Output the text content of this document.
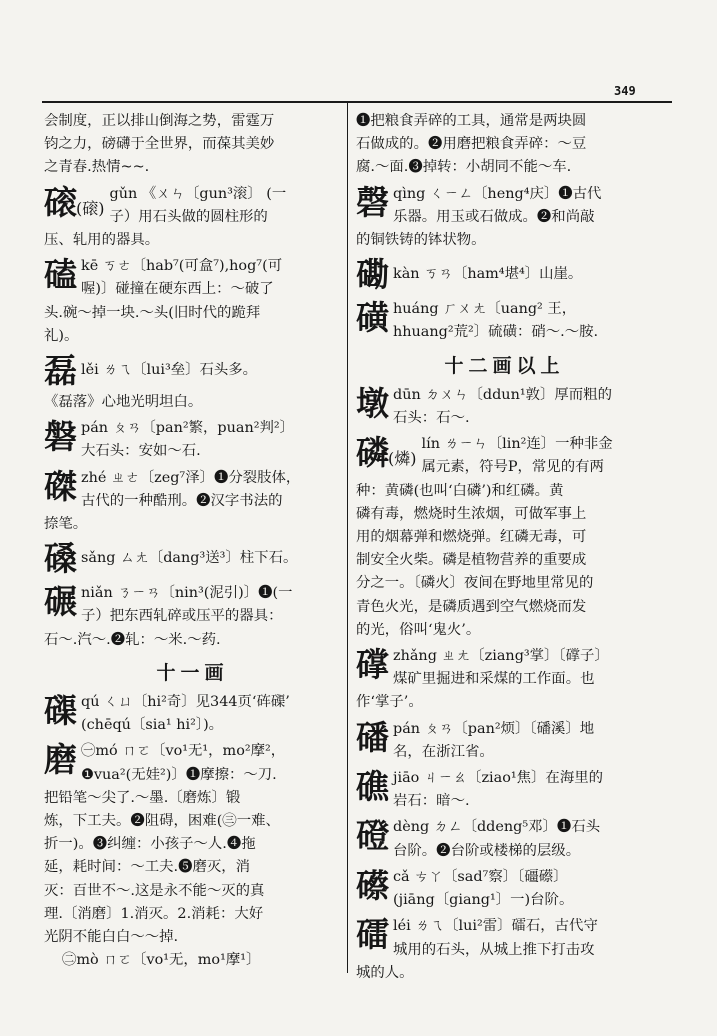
349

会制度，正以排山倒海之势，雷霆万

钧之力，磅礴于全世界，而葆其美妙

之青春.热情~~.

磙(磙)

gǔn 《ㄨㄣ〔gun³滚〕 (一

子）用石头做的圆柱形的

压、轧用的器具。

磕 kē ㄎㄜ〔hab⁷(可盒⁷),hog⁷(可

喔)〕碰撞在硬东西上：～破了

头.碗～掉一块.～头(旧时代的跪拜

礼)。

磊 lěi ㄌㄟ〔lui³垒〕石头多。

《磊落》心地光明坦白。

磐 pán ㄆㄢ〔pan²繁，puan²判²〕

大石头：安如～石.

磔 zhé ㄓㄜ〔zeg⁷泽〕❶分裂肢体，

古代的一种酷刑。❷汉字书法的

捺笔。

磉 sǎng ㄙㄤ〔dang³送³〕柱下石。

碾 niǎn ㄋㄧㄢ〔nin³(泥引)〕❶(一

子）把东西轧碎或压平的器具：

石～.汽～.❷轧：～米.～药.

十一画
磲 qú ㄑㄩ〔hi²奇〕见344页‘砗磲’

(chēqú〔sia¹ hi²〕)。

磨 ㊀mó ㄇㄛ〔vo¹无¹，mo²摩²，

❶vua²(无娃²)〕❶摩擦：～刀.

把铅笔～尖了.～墨.〔磨炼〕锻

炼，下工夫。❷阻碍，困难(㊂一难、

折一)。❸纠缠：小孩子～人.❹拖

延，耗时间：～工夫.❺磨灭，消

灭：百世不～.这是永不能～灭的真

理.〔消磨〕1.消灭。2.消耗：大好

光阴不能白白～～掉.

㊁mò ㄇㄛ〔vo¹无，mo¹摩¹〕

❶把粮食弄碎的工具，通常是两块圆

石做成的。❷用磨把粮食弄碎：～豆

腐.～面.❸掉转：小胡同不能～车.

磬 qìng ㄑㄧㄥ〔heng⁴庆〕❶古代

乐器。用玉或石做成。❷和尚敲

的铜铁铸的钵状物。

磡 kàn ㄎㄢ〔ham⁴堪⁴〕山崖。

磺 huáng ㄏㄨㄤ〔uang² 王，

hhuang²荒²〕硫磺：硝～.～胺.

十二画以上
墩 dūn ㄉㄨㄣ〔ddun¹敦〕厚而粗的

石头：石～.

磷(燐)

lín ㄌㄧㄣ〔lin²连〕一种非金

属元素，符号P，常见的有两

种：黄磷(也叫‘白磷’)和红磷。黄

磷有毒，燃烧时生浓烟，可做军事上

用的烟幕弹和燃烧弹。红磷无毒，可

制安全火柴。磷是植物营养的重要成

分之一。〔磷火〕夜间在野地里常见的

青色火光，是磷质遇到空气燃烧而发

的光，俗叫‘鬼火’。

礃 zhǎng ㄓㄤ〔ziang³掌〕〔礃子〕

煤矿里掘进和采煤的工作面。也

作‘掌子’。

磻 pán ㄆㄢ〔pan²烦〕〔磻溪〕地

名，在浙江省。

礁 jiāo ㄐㄧㄠ〔ziao¹焦〕在海里的

岩石：暗～.

磴 dèng ㄉㄥ〔ddeng⁵邓〕❶石头

台阶。❷台阶或楼梯的层级。

礤 cǎ ㄘㄚ〔sad⁷察〕〔礓礤〕

(jiāng〔giang¹〕一)台阶。

礌 léi ㄌㄟ〔lui²雷〕礌石，古代守

城用的石头，从城上推下打击攻

城的人。
